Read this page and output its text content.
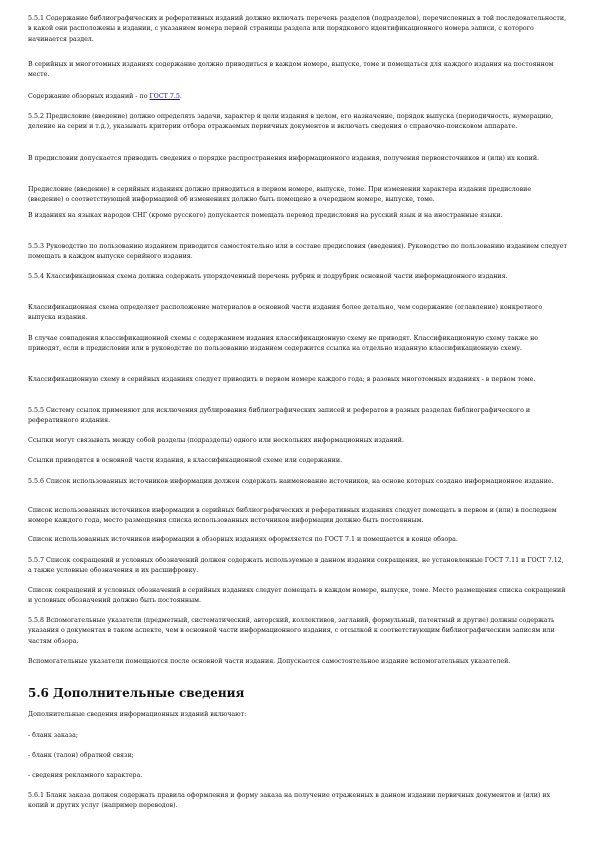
5.5.1 Содержание библиографических и реферативных изданий должно включать перечень разделов (подразделов), перечисленных в той последовательности, в какой они расположены в издании, с указанием номера первой страницы раздела или порядкового идентификационного номера записи, с которого начинается раздел.

В серийных и многотомных изданиях содержание должно приводиться в каждом номере, выпуске, томе и помещаться для каждого издания на постоянном месте.

Содержание обзорных изданий - по ГОСТ 7.5.

5.5.2 Предисловие (введение) должно определять задачи, характер и цели издания в целом, его назначение, порядок выпуска (периодичность, нумерацию, деление на серии и т.д.), указывать критерии отбора отражаемых первичных документов и включать сведения о справочно-поисковом аппарате.

В предисловии допускается приводить сведения о порядке распространения информационного издания, получения первоисточников и (или) их копий.

Предисловие (введение) в серийных изданиях должно приводиться в первом номере, выпуске, томе. При изменении характера издания предисловие (введение) о соответствующей информацией об изменениях должно быть помещено в очередном номере, выпуске, томе.

В изданиях на языках народов СНГ (кроме русского) допускается помещать перевод предисловия на русский язык и на иностранные языки.

5.5.3 Руководство по пользованию изданием приводится самостоятельно или в составе предисловия (введения). Руководство по пользованию изданием следует помещать в каждом выпуске серийного издания.

5.5.4 Классификационная схема должна содержать упорядоченный перечень рубрик и подрубрик основной части информационного издания.

Классификационная схема определяет расположение материалов в основной части издания более детально, чем содержание (оглавление) конкретного выпуска издания.

В случае совпадения классификационной схемы с содержанием издания классификационную схему не приводят. Классификационную схему также не приводят, если в предисловии или в руководстве по пользованию изданием содержится ссылка на отдельно изданную классификационную схему.

Классификационную схему в серийных изданиях следует приводить в первом номере каждого года; в разовых многотомных изданиях - в первом томе.

5.5.5 Систему ссылок применяют для исключения дублирования библиографических записей и рефератов в разных разделах библиографического и реферативного издания.

Ссылки могут связывать между собой разделы (подразделы) одного или нескольких информационных изданий.

Ссылки приводятся в основной части издания, в классификационной схеме или содержании.

5.5.6 Список использованных источников информации должен содержать наименование источников, на основе которых создано информационное издание.

Список использованных источников информации в серийных библиографических и реферативных изданиях следует помещать в первом и (или) в последнем номере каждого года, место размещения списка использованных источников информации должно быть постоянным.

Список использованных источников информации в обзорных изданиях оформляется по ГОСТ 7.1 и помещается в конце обзора.

5.5.7 Список сокращений и условных обозначений должен содержать используемые в данном издании сокращения, не установленные ГОСТ 7.11 и ГОСТ 7.12, а также условные обозначения и их расшифровку.

Список сокращений и условных обозначений в серийных изданиях следует помещать в каждом номере, выпуске, томе. Место размещения списка сокращений и условных обозначений должно быть постоянным.

5.5.8 Вспомогательные указатели (предметный, систематический, авторский, коллективов, заглавий, формульный, патентный и другие) должны содержать указания о документах в таком аспекте, чем в основной части информационного издания, с отсылкой к соответствующим библиографическим записям или частям обзора.

Вспомогательные указатели помещаются после основной части издания. Допускается самостоятельное издание вспомогательных указателей.

5.6 Дополнительные сведения

Дополнительные сведения информационных изданий включают:

- бланк заказа;

- бланк (талон) обратной связи;

- сведения рекламного характера.

5.6.1 Бланк заказа должен содержать правила оформления и форму заказа на получение отраженных в данном издании первичных документов и (или) их копий и других услуг (например переводов).
